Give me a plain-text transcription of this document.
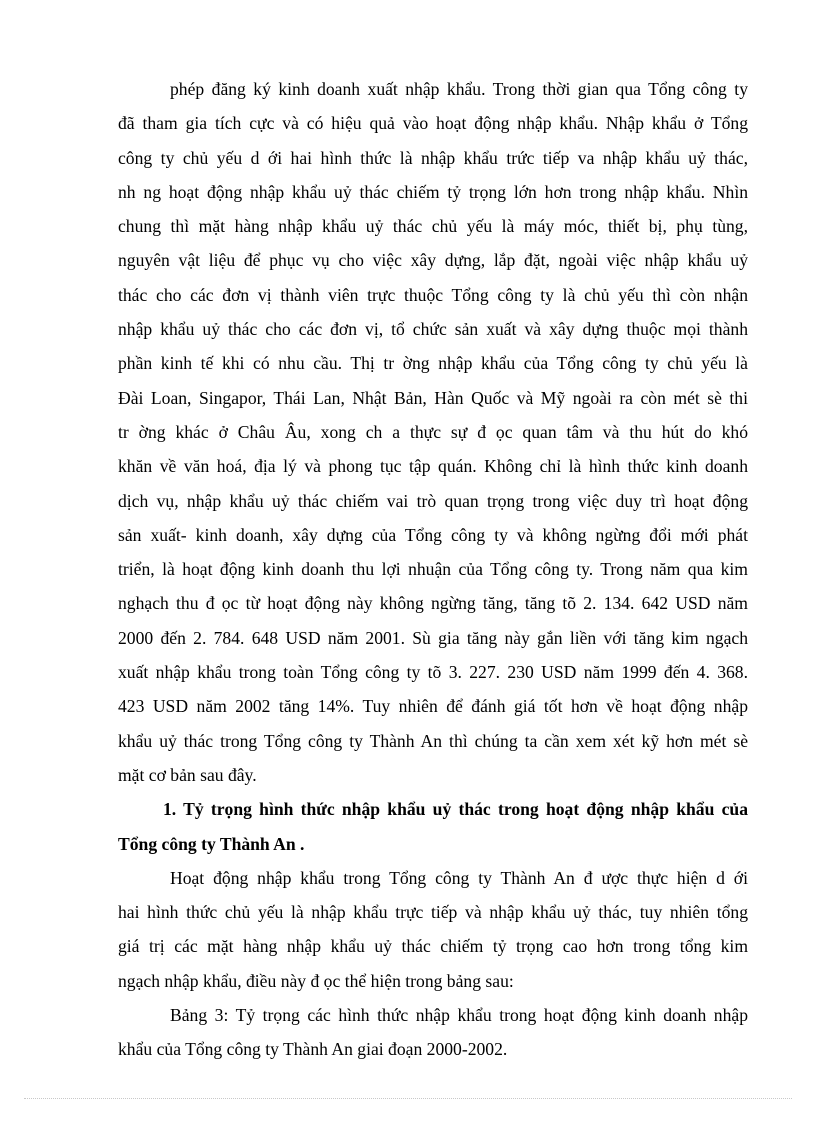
phép đăng ký kinh doanh xuất nhập khẩu. Trong thời gian qua Tổng công ty
đã tham gia tích cực và có hiệu quả vào hoạt động nhập khẩu. Nhập khẩu ở Tổng
công ty chủ yếu d ới hai hình thức là nhập khẩu trức tiếp va nhập khẩu uỷ thác,
nh ng hoạt động nhập khẩu uỷ thác chiếm tỷ trọng lớn hơn trong nhập khẩu. Nhìn
chung thì mặt hàng nhập khẩu uỷ thác chủ yếu là máy móc, thiết bị, phụ tùng,
nguyên vật liệu để phục vụ cho việc xây dựng, lắp đặt, ngoài việc nhập khẩu uỷ
thác cho các đơn vị thành viên trực thuộc Tổng công ty là chủ yếu thì còn nhận
nhập khẩu uỷ thác cho các đơn vị, tổ chức sản xuất và xây dựng thuộc mọi thành
phần kinh tế khi có nhu cầu. Thị tr ờng nhập khẩu của Tổng công ty chủ yếu là
Đài Loan, Singapor, Thái Lan, Nhật Bản, Hàn Quốc và Mỹ ngoài ra còn mét sè thi
tr ờng khác ở Châu Âu, xong ch a thực sự đ ọc quan tâm và thu hút do khó
khăn về văn hoá, địa lý và phong tục tập quán. Không chỉ là hình thức kinh doanh
dịch vụ, nhập khẩu uỷ thác chiếm vai trò quan trọng trong việc duy trì hoạt động
sản xuất- kinh doanh, xây dựng của Tổng công ty và không ngừng đổi mới phát
triển, là hoạt động kinh doanh thu lợi nhuận của Tổng công ty. Trong năm qua kim
nghạch thu đ ọc từ hoạt động này không ngừng tăng, tăng tõ 2. 134. 642 USD năm
2000 đến 2. 784. 648 USD năm 2001. Sù gia tăng này gắn liền với tăng kim ngạch
xuất nhập khẩu trong toàn Tổng công ty tõ 3. 227. 230 USD năm 1999 đến 4. 368.
423 USD năm 2002 tăng 14%. Tuy nhiên để đánh giá tốt hơn về hoạt động nhập
khẩu uỷ thác trong Tổng công ty Thành An thì chúng ta cần xem xét kỹ hơn mét sè
mặt cơ bản sau đây.
1. Tỷ trọng hình thức nhập khẩu uỷ thác trong hoạt động nhập khẩu của
Tổng công ty Thành An .
Hoạt động nhập khẩu trong Tổng công ty Thành An đ ược thực hiện d ới
hai hình thức chủ yếu là nhập khẩu trực tiếp và nhập khẩu uỷ thác, tuy nhiên tổng
giá trị các mặt hàng nhập khẩu uỷ thác chiếm tỷ trọng cao hơn trong tổng kim
ngạch nhập khẩu, điều này đ ọc thể hiện trong bảng sau:
Bảng 3: Tỷ trọng các hình thức nhập khẩu trong hoạt động kinh doanh nhập
khẩu của Tổng công ty Thành An giai đoạn 2000-2002.
